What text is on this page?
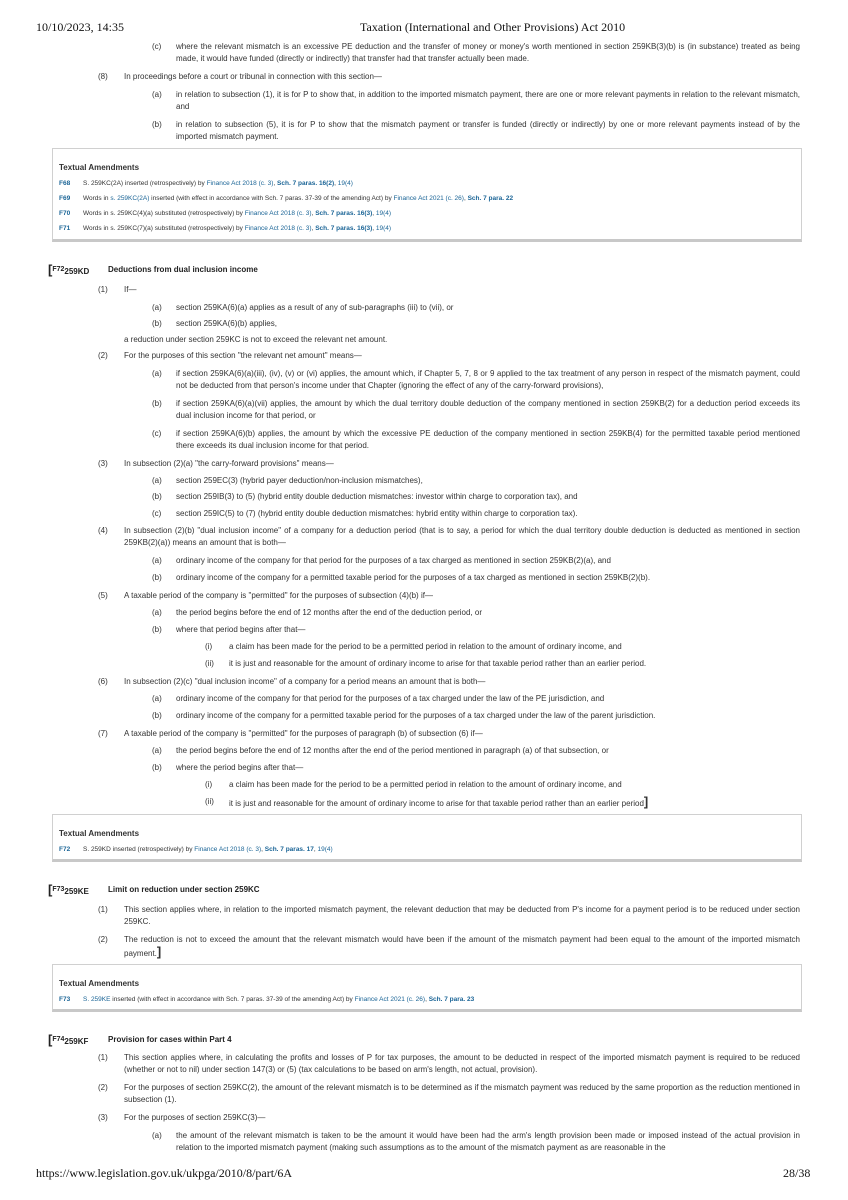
10/10/2023, 14:35	Taxation (International and Other Provisions) Act 2010
(c) where the relevant mismatch is an excessive PE deduction and the transfer of money or money's worth mentioned in section 259KB(3)(b) is (in substance) treated as being made, it would have funded (directly or indirectly) that transfer had that transfer actually been made.
(8) In proceedings before a court or tribunal in connection with this section—
(a) in relation to subsection (1), it is for P to show that, in addition to the imported mismatch payment, there are one or more relevant payments in relation to the relevant mismatch, and
(b) in relation to subsection (5), it is for P to show that the mismatch payment or transfer is funded (directly or indirectly) by one or more relevant payments instead of by the imported mismatch payment.
Textual Amendments
F68 S. 259KC(2A) inserted (retrospectively) by Finance Act 2018 (c. 3), Sch. 7 paras. 16(2), 19(4)
F69 Words in s. 259KC(2A) inserted (with effect in accordance with Sch. 7 paras. 37-39 of the amending Act) by Finance Act 2021 (c. 26), Sch. 7 para. 22
F70 Words in s. 259KC(4)(a) substituted (retrospectively) by Finance Act 2018 (c. 3), Sch. 7 paras. 16(3), 19(4)
F71 Words in s. 259KC(7)(a) substituted (retrospectively) by Finance Act 2018 (c. 3), Sch. 7 paras. 16(3), 19(4)
[F72259KD Deductions from dual inclusion income
(1) If—
(a) section 259KA(6)(a) applies as a result of any of sub-paragraphs (iii) to (vii), or
(b) section 259KA(6)(b) applies,
a reduction under section 259KC is not to exceed the relevant net amount.
(2) For the purposes of this section "the relevant net amount" means—
(a) if section 259KA(6)(a)(iii), (iv), (v) or (vi) applies, the amount which, if Chapter 5, 7, 8 or 9 applied to the tax treatment of any person in respect of the mismatch payment, could not be deducted from that person's income under that Chapter (ignoring the effect of any of the carry-forward provisions),
(b) if section 259KA(6)(a)(vii) applies, the amount by which the dual territory double deduction of the company mentioned in section 259KB(2) for a deduction period exceeds its dual inclusion income for that period, or
(c) if section 259KA(6)(b) applies, the amount by which the excessive PE deduction of the company mentioned in section 259KB(4) for the permitted taxable period mentioned there exceeds its dual inclusion income for that period.
(3) In subsection (2)(a) "the carry-forward provisions" means—
(a) section 259EC(3) (hybrid payer deduction/non-inclusion mismatches),
(b) section 259IB(3) to (5) (hybrid entity double deduction mismatches: investor within charge to corporation tax), and
(c) section 259IC(5) to (7) (hybrid entity double deduction mismatches: hybrid entity within charge to corporation tax).
(4) In subsection (2)(b) "dual inclusion income" of a company for a deduction period (that is to say, a period for which the dual territory double deduction is deducted as mentioned in section 259KB(2)(a)) means an amount that is both—
(a) ordinary income of the company for that period for the purposes of a tax charged as mentioned in section 259KB(2)(a), and
(b) ordinary income of the company for a permitted taxable period for the purposes of a tax charged as mentioned in section 259KB(2)(b).
(5) A taxable period of the company is "permitted" for the purposes of subsection (4)(b) if—
(a) the period begins before the end of 12 months after the end of the deduction period, or
(b) where that period begins after that—
(i) a claim has been made for the period to be a permitted period in relation to the amount of ordinary income, and
(ii) it is just and reasonable for the amount of ordinary income to arise for that taxable period rather than an earlier period.
(6) In subsection (2)(c) "dual inclusion income" of a company for a period means an amount that is both—
(a) ordinary income of the company for that period for the purposes of a tax charged under the law of the PE jurisdiction, and
(b) ordinary income of the company for a permitted taxable period for the purposes of a tax charged under the law of the parent jurisdiction.
(7) A taxable period of the company is "permitted" for the purposes of paragraph (b) of subsection (6) if—
(a) the period begins before the end of 12 months after the end of the period mentioned in paragraph (a) of that subsection, or
(b) where the period begins after that—
(i) a claim has been made for the period to be a permitted period in relation to the amount of ordinary income, and
(ii) it is just and reasonable for the amount of ordinary income to arise for that taxable period rather than an earlier period]
Textual Amendments
F72 S. 259KD inserted (retrospectively) by Finance Act 2018 (c. 3), Sch. 7 paras. 17, 19(4)
[F73259KE Limit on reduction under section 259KC
(1) This section applies where, in relation to the imported mismatch payment, the relevant deduction that may be deducted from P's income for a payment period is to be reduced under section 259KC.
(2) The reduction is not to exceed the amount that the relevant mismatch would have been if the amount of the mismatch payment had been equal to the amount of the imported mismatch payment.]
Textual Amendments
F73 S. 259KE inserted (with effect in accordance with Sch. 7 paras. 37-39 of the amending Act) by Finance Act 2021 (c. 26), Sch. 7 para. 23
[F74259KF Provision for cases within Part 4
(1) This section applies where, in calculating the profits and losses of P for tax purposes, the amount to be deducted in respect of the imported mismatch payment is required to be reduced (whether or not to nil) under section 147(3) or (5) (tax calculations to be based on arm's length, not actual, provision).
(2) For the purposes of section 259KC(2), the amount of the relevant mismatch is to be determined as if the mismatch payment was reduced by the same proportion as the reduction mentioned in subsection (1).
(3) For the purposes of section 259KC(3)—
(a) the amount of the relevant mismatch is taken to be the amount it would have been had the arm's length provision been made or imposed instead of the actual provision in relation to the imported mismatch payment (making such assumptions as to the amount of the mismatch payment as are reasonable in the
https://www.legislation.gov.uk/ukpga/2010/8/part/6A	28/38
